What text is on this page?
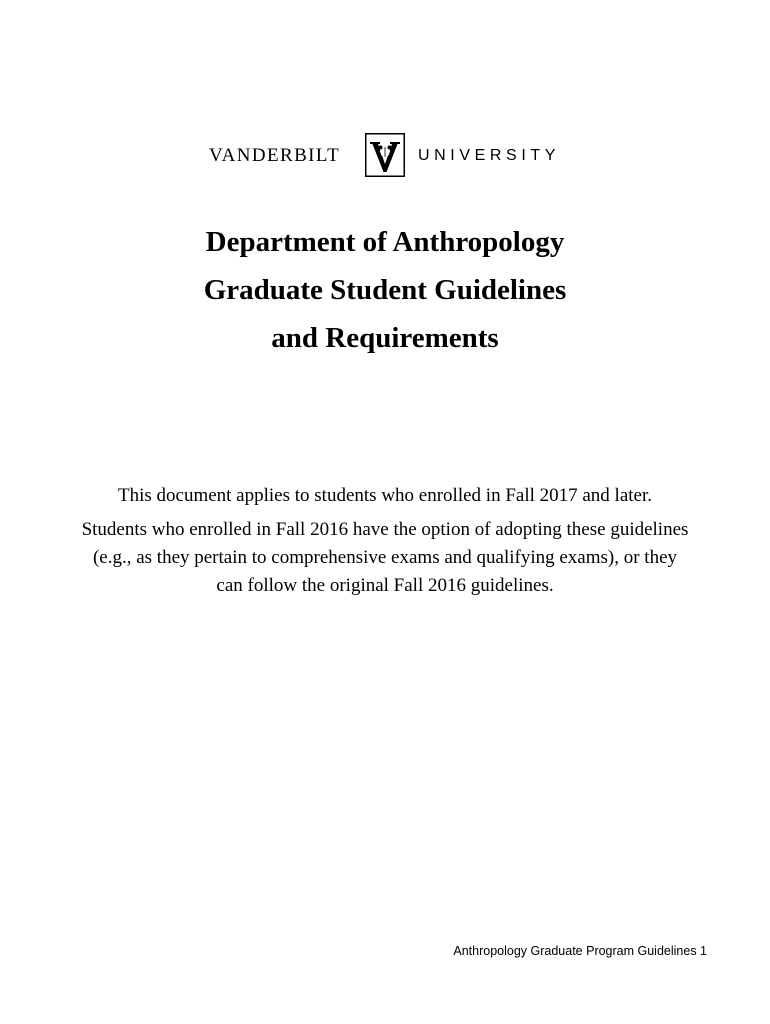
VANDERBILT	UNIVERSITY
Department of Anthropology
Graduate Student Guidelines
and Requirements

This document applies to students who enrolled in Fall 2017 and later.

Students who enrolled in Fall 2016 have the option of adopting these guidelines
(e.g., as they pertain to comprehensive exams and qualifying exams), or they
can follow the original Fall 2016 guidelines.
Anthropology Graduate Program Guidelines 1
